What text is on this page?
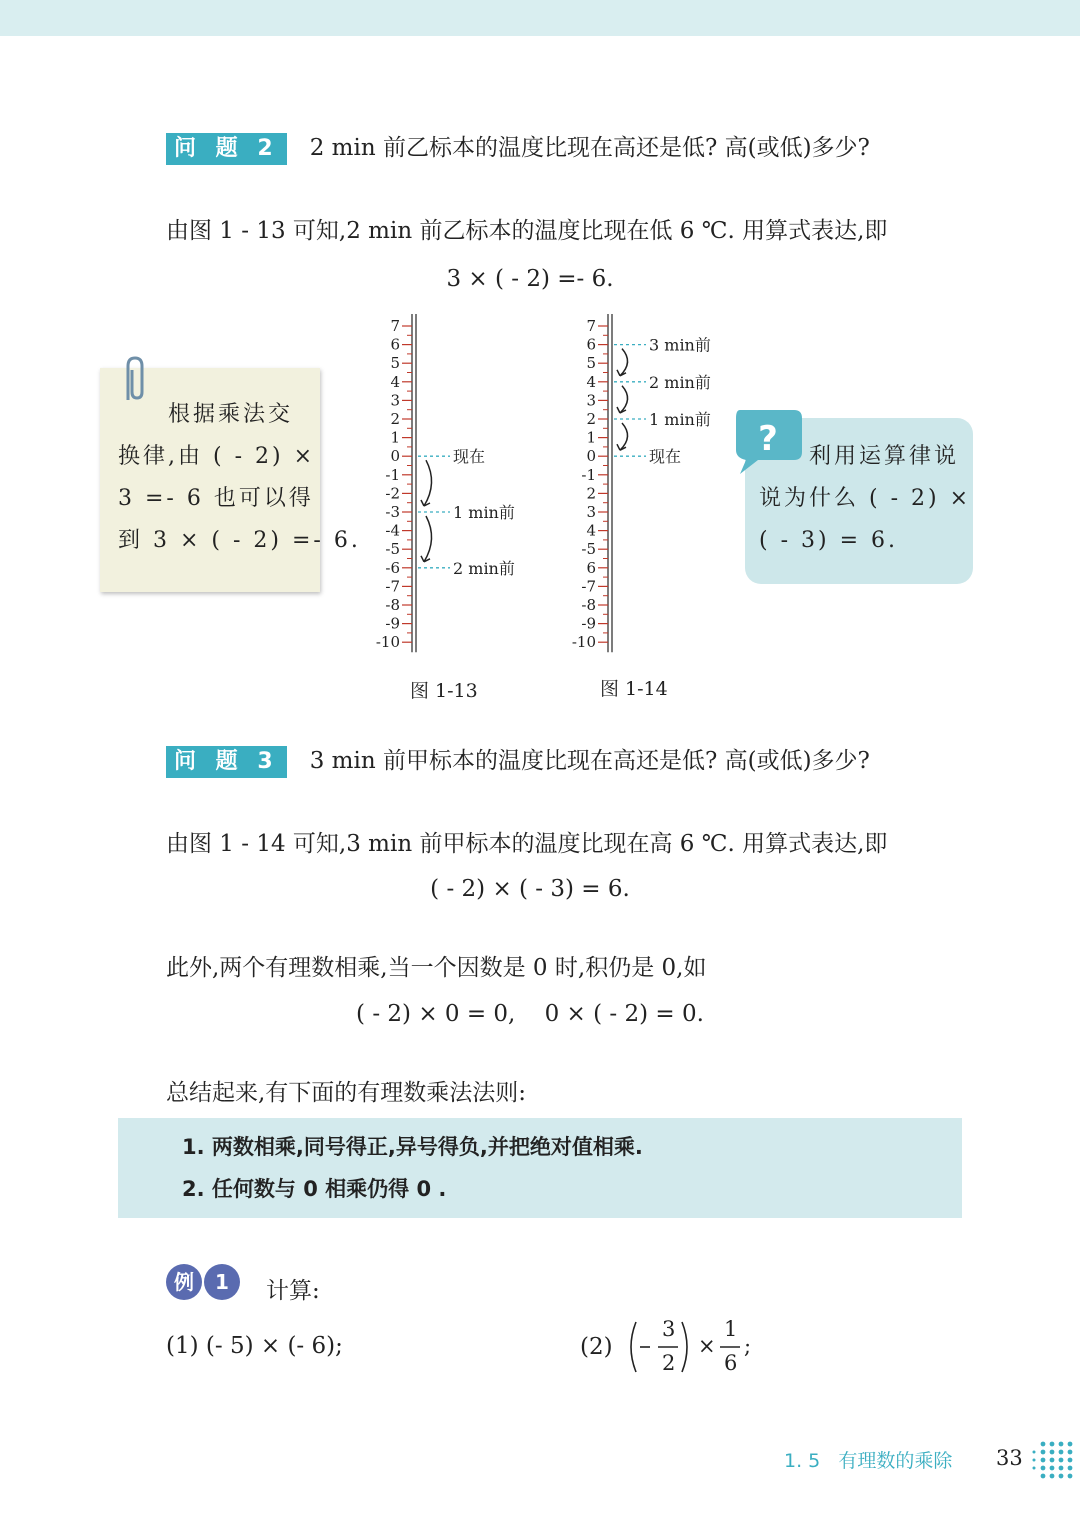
问 题 2 2 min 前乙标本的温度比现在高还是低? 高(或低)多少?
由图 1 - 13 可知,2 min 前乙标本的温度比现在低 6 ℃. 用算式表达,即
3 × ( - 2) =- 6.

根据乘法交

换律,由 ( - 2) ×

3 =- 6 也可以得

到 3 × ( - 2) =- 6.

利用运算律说

说为什么 ( - 2) ×

( - 3) = 6.

?
7
6
5
4
3
2
1
0
-1
-2
-3
-4
-5
-6
-7
-8
-9
-10
现在
1 min前
2 min前
7
6
5
4
3
2
1
0
-1
2
3
4
-5
6
-7
-8
-9
-10
3 min前
2 min前
1 min前
现在
图 1-13	图 1-14
问 题 3 3 min 前甲标本的温度比现在高还是低? 高(或低)多少?
由图 1 - 14 可知,3 min 前甲标本的温度比现在高 6 ℃. 用算式表达,即
( - 2) × ( - 3) = 6.
此外,两个有理数相乘,当一个因数是 0 时,积仍是 0,如
( - 2) × 0 = 0,    0 × ( - 2) = 0.
总结起来,有下面的有理数乘法法则:

1. 两数相乘,同号得正,异号得负,并把绝对值相乘.

2. 任何数与 0 相乘仍得 0 .

例	1	计算:
(1) (- 5) × (- 6);	(2)
3
2
×
1
6
;
1. 5   有理数的乘除 33
